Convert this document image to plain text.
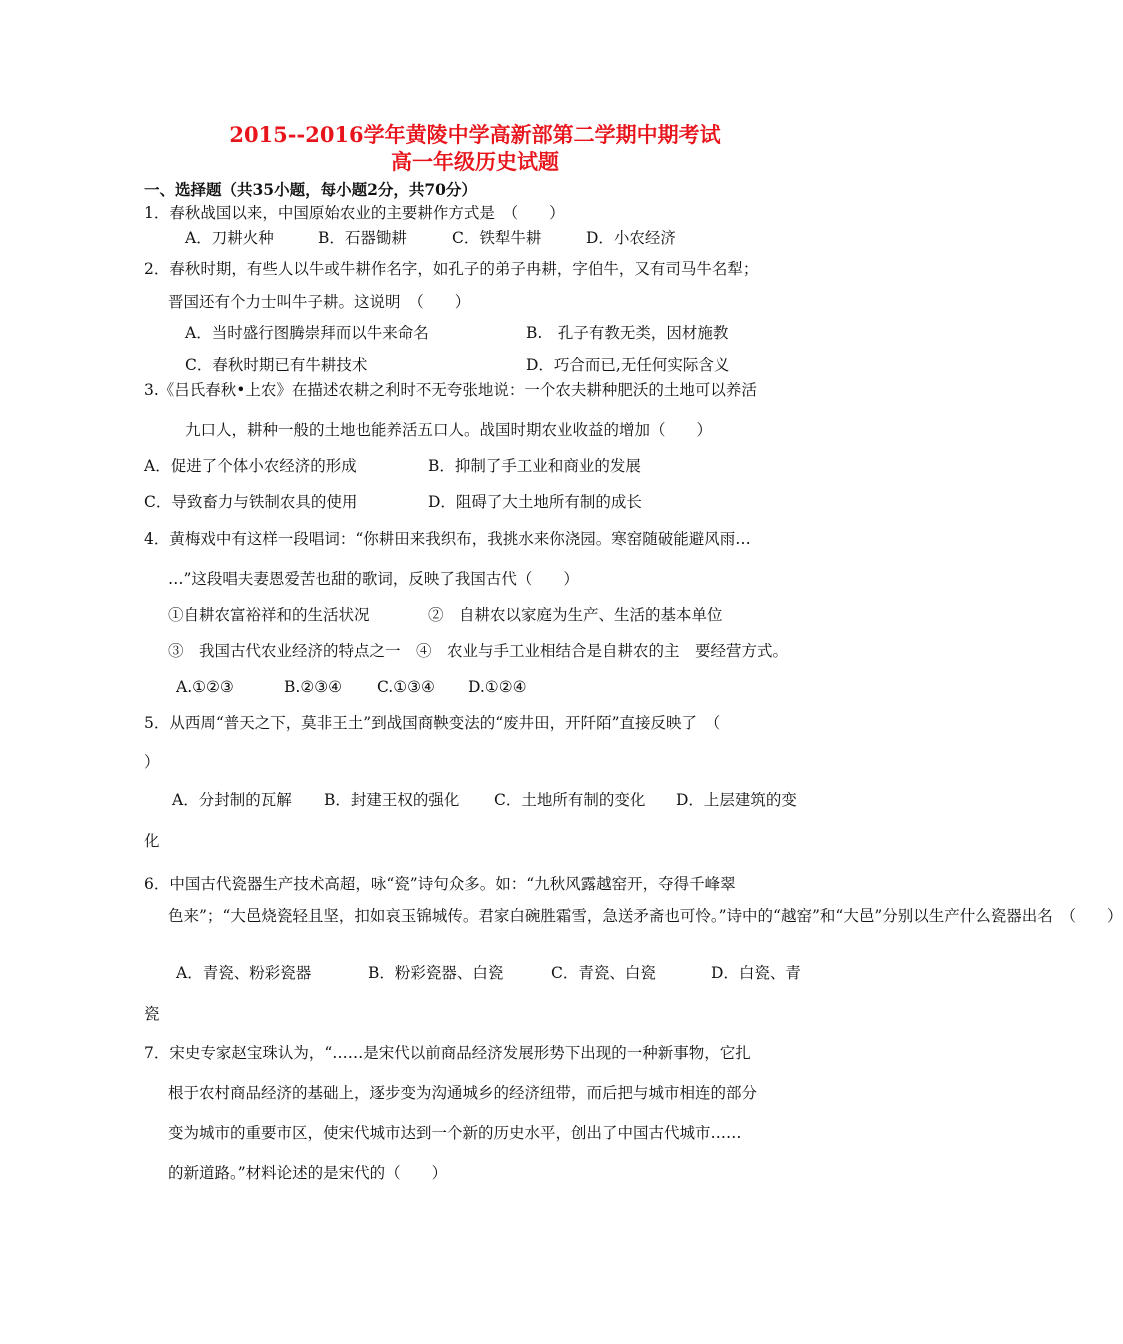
2015--2016学年黄陵中学高新部第二学期中期考试
高一年级历史试题
一、选择题（共35小题，每小题2分，共70分）
1．春秋战国以来，中国原始农业的主要耕作方式是　（　　）
A．刀耕火种	B．石器锄耕	C．铁犁牛耕	D．小农经济
2．春秋时期，有些人以牛或牛耕作名字，如孔子的弟子冉耕，字伯牛，又有司马牛名犁；
晋国还有个力士叫牛子耕。这说明　（　　）
A．当时盛行图腾崇拜而以牛来命名	B.　孔子有教无类，因材施教
C．春秋时期已有牛耕技术	D．巧合而已,无任何实际含义
3.《吕氏春秋•上农》在描述农耕之利时不无夸张地说：一个农夫耕种肥沃的土地可以养活
九口人，耕种一般的土地也能养活五口人。战国时期农业收益的增加（　　）
A．促进了个体小农经济的形成	B．抑制了手工业和商业的发展
C．导致畜力与铁制农具的使用	D．阻碍了大土地所有制的成长
4．黄梅戏中有这样一段唱词：“你耕田来我织布，我挑水来你浇园。寒窑随破能避风雨…
…”这段唱夫妻恩爱苦也甜的歌词，反映了我国古代（　　）
①自耕农富裕祥和的生活状况	②　自耕农以家庭为生产、生活的基本单位
③　我国古代农业经济的特点之一 ④　农业与手工业相结合是自耕农的主　要经营方式。
A.①②③	B.②③④ C.①③④ D.①②④
5．从西周“普天之下，莫非王土”到战国商鞅变法的“废井田，开阡陌”直接反映了　（
）
A．分封制的瓦解 B．封建王权的强化 C．土地所有制的变化 D．上层建筑的变
化
6．中国古代瓷器生产技术高超，咏“瓷”诗句众多。如：“九秋风露越窑开，夺得千峰翠
色来”；“大邑烧瓷轻且坚，扣如哀玉锦城传。君家白碗胜霜雪，急送矛斋也可怜。”诗中的“越窑”和“大邑”分别以生产什么瓷器出名　（　　）
A．青瓷、粉彩瓷器	B．粉彩瓷器、白瓷	C．青瓷、白瓷	D．白瓷、青
瓷
7．宋史专家赵宝珠认为，“……是宋代以前商品经济发展形势下出现的一种新事物，它扎
根于农村商品经济的基础上，逐步变为沟通城乡的经济纽带，而后把与城市相连的部分
变为城市的重要市区，使宋代城市达到一个新的历史水平，创出了中国古代城市……
的新道路。”材料论述的是宋代的（　　）
